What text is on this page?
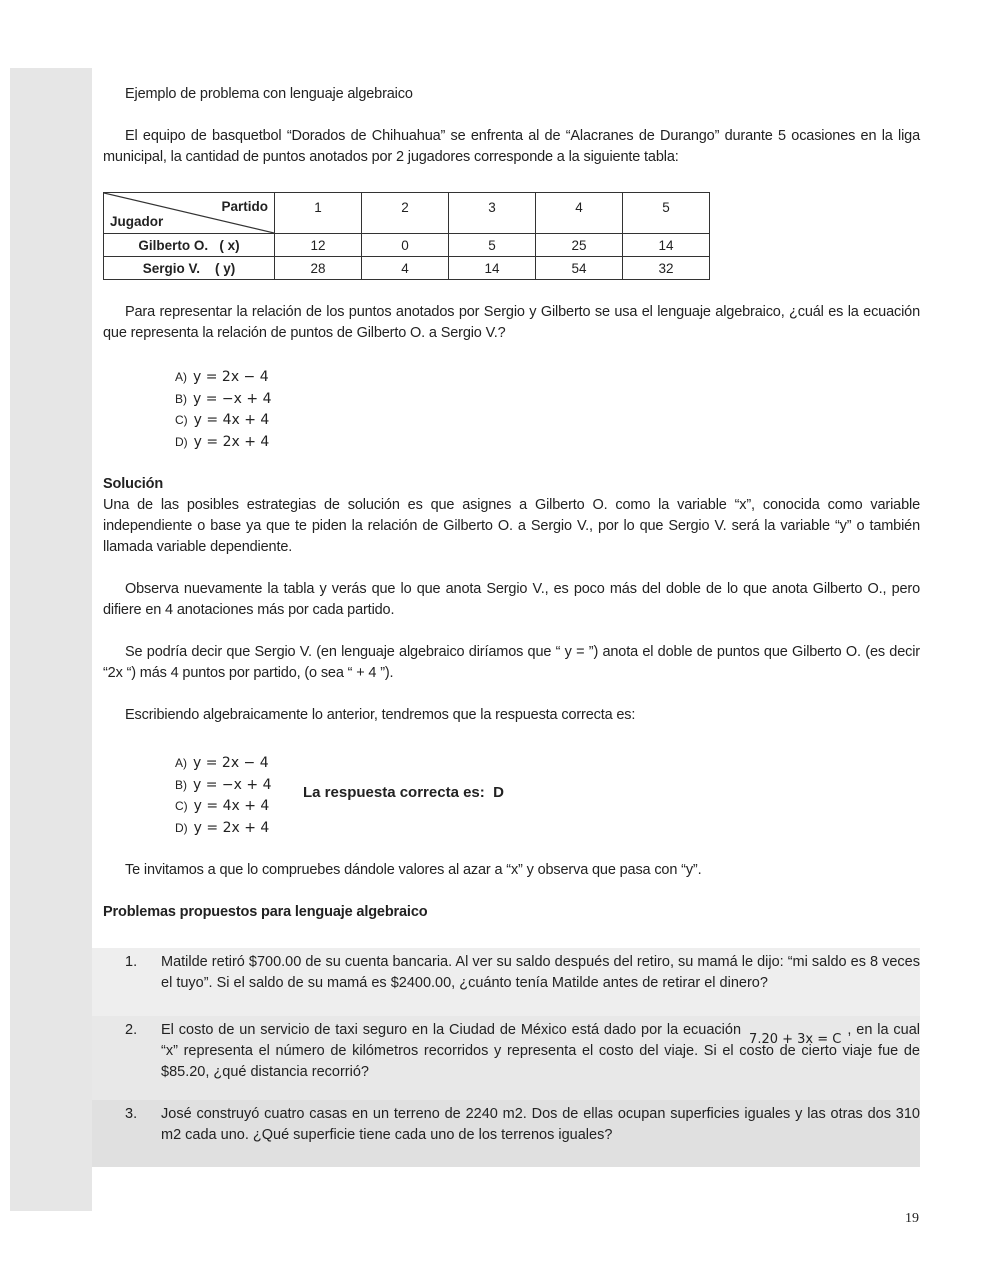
Ejemplo de problema con lenguaje algebraico

El equipo de basquetbol “Dorados de Chihuahua” se enfrenta al de “Alacranes de Durango” durante 5 ocasiones en la liga municipal, la cantidad de puntos anotados por 2 jugadores corresponde a la siguiente tabla:

Partido
Jugador	1	2	3	4	5
Gilberto O.   ( x)	12	0	5	25	14
Sergio V.    ( y)	28	4	14	54	32

Para representar la relación de los puntos anotados por Sergio y Gilberto se usa el lenguaje algebraico, ¿cuál es la ecuación que representa la relación de puntos de Gilberto O. a Sergio V.?

A) y = 2x − 4
B) y = −x + 4
C) y = 4x + 4
D) y = 2x + 4

Solución

Una de las posibles estrategias de solución es que asignes a Gilberto O. como la variable “x”, conocida como variable independiente o base ya que te piden la relación de Gilberto O. a Sergio V., por lo que Sergio V. será la variable “y” o también llamada variable dependiente.

Observa nuevamente la tabla y verás que lo que anota Sergio V., es poco más del doble de lo que anota Gilberto O., pero difiere en 4 anotaciones más por cada partido.

Se podría decir que Sergio V. (en lenguaje algebraico diríamos que “ y = ”) anota el doble de puntos que Gilberto O. (es decir “2x “) más 4 puntos por partido, (o sea “ + 4 ”).

Escribiendo algebraicamente lo anterior, tendremos que la respuesta correcta es:

A) y = 2x − 4
B) y = −x + 4
C) y = 4x + 4
D) y = 2x + 4
La respuesta correcta es:  D

Te invitamos a que lo compruebes dándole valores al azar a “x” y observa que pasa con “y”.

Problemas propuestos para lenguaje algebraico

1. Matilde retiró $700.00 de su cuenta bancaria. Al ver su saldo después del retiro, su mamá le dijo: “mi saldo es 8 veces el tuyo”. Si el saldo de su mamá es $2400.00, ¿cuánto tenía Matilde antes de retirar el dinero?
2. El costo de un servicio de taxi seguro en la Ciudad de México está dado por la ecuación7.20 + 3x = C, en la cual “x” representa el número de kilómetros recorridos y representa el costo del viaje. Si el costo de cierto viaje fue de $85.20, ¿qué distancia recorrió?
3. José construyó cuatro casas en un terreno de 2240 m2. Dos de ellas ocupan superficies iguales y las otras dos 310 m2 cada uno. ¿Qué superficie tiene cada uno de los terrenos iguales?
19
